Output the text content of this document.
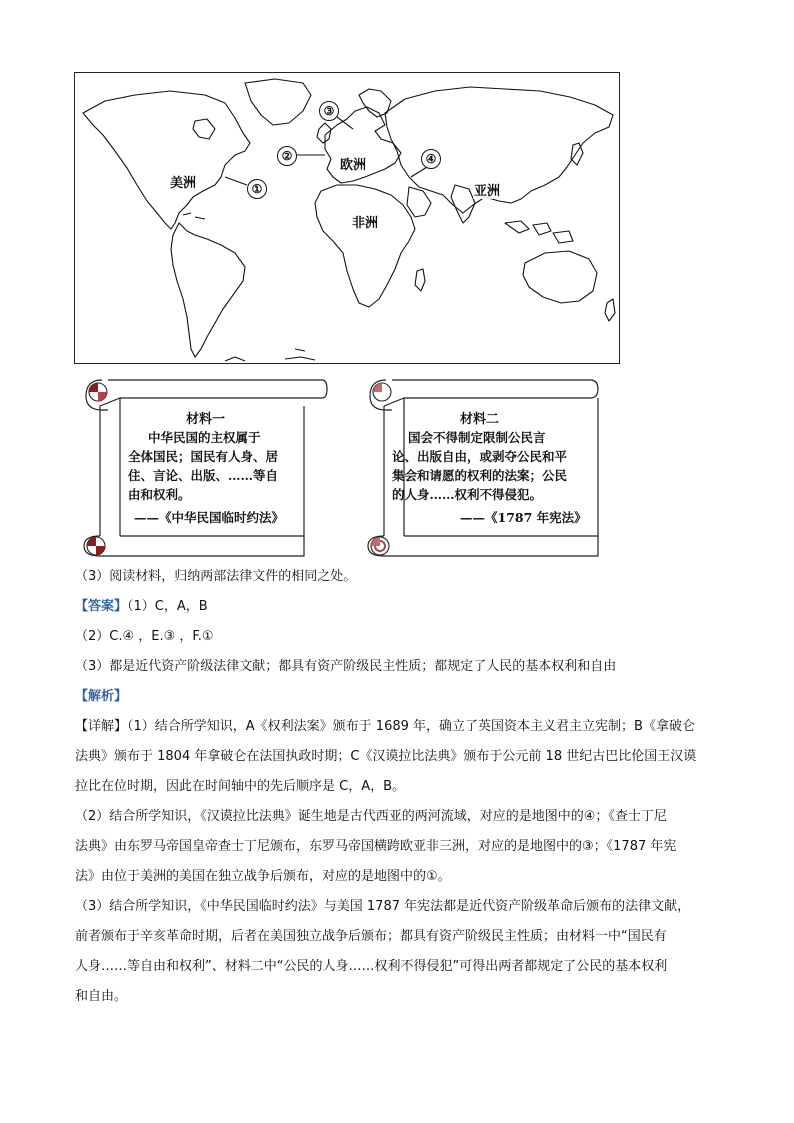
美洲
欧洲
非洲
亚洲
③
②
①
④
材料一
中华民国的主权属于
全体国民；国民有人身、居
住、言论、出版、……等自
由和权利。
——《中华民国临时约法》
材料二
国会不得制定限制公民言
论、出版自由，或剥夺公民和平
集会和请愿的权利的法案；公民
的人身……权利不得侵犯。
——《1787 年宪法》
（3）阅读材料，归纳两部法律文件的相同之处。
【答案】（1）C，A，B
（2）C.④ ，E.③ ，F.①
（3）都是近代资产阶级法律文献；都具有资产阶级民主性质；都规定了人民的基本权利和自由
【解析】
【详解】（1）结合所学知识，A《权利法案》颁布于 1689 年，确立了英国资本主义君主立宪制；B《拿破仑
法典》颁布于 1804 年拿破仑在法国执政时期；C《汉谟拉比法典》颁布于公元前 18 世纪古巴比伦国王汉谟
拉比在位时期，因此在时间轴中的先后顺序是 C，A，B。
（2）结合所学知识，《汉谟拉比法典》诞生地是古代西亚的两河流域，对应的是地图中的④；《查士丁尼
法典》由东罗马帝国皇帝查士丁尼颁布，东罗马帝国横跨欧亚非三洲，对应的是地图中的③；《1787 年宪
法》由位于美洲的美国在独立战争后颁布，对应的是地图中的①。
（3）结合所学知识，《中华民国临时约法》与美国 1787 年宪法都是近代资产阶级革命后颁布的法律文献，
前者颁布于辛亥革命时期，后者在美国独立战争后颁布；都具有资产阶级民主性质；由材料一中“国民有
人身……等自由和权利”、材料二中“公民的人身……权利不得侵犯”可得出两者都规定了公民的基本权利
和自由。
